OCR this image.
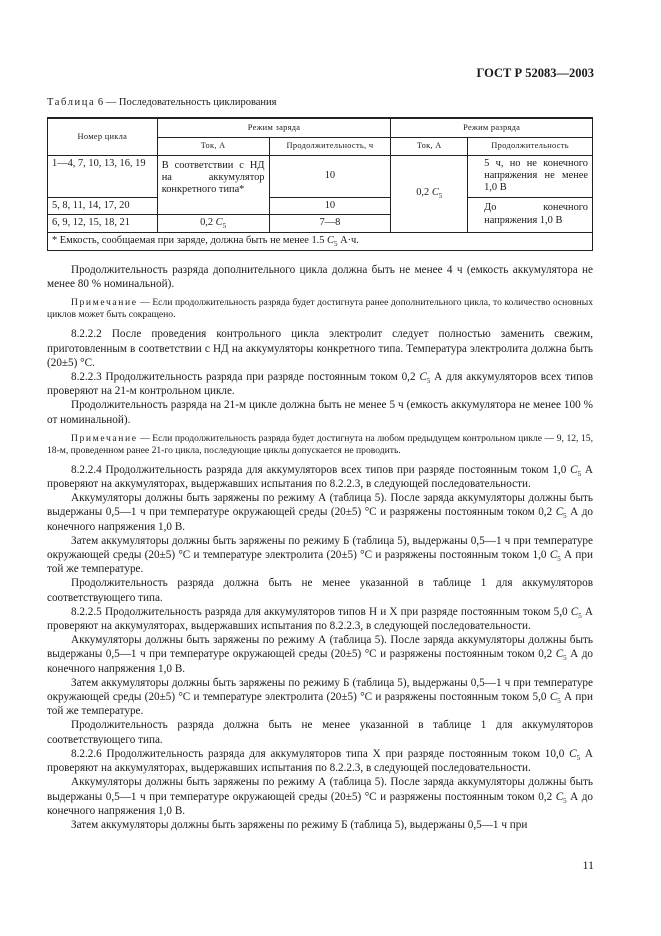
ГОСТ Р 52083—2003
Таблица 6 — Последовательность циклирования
Номер цикла	Режим заряда		Режим разряда	
	Ток, А	Продолжительность, ч	Ток, А	Продолжительность
1—4, 7, 10, 13, 16, 19	В соответствии с НД на аккумулятор конкретного типа*	10	0,2 $C_5$	5 ч, но не конечного напряжения не менее 1,0 В
5, 8, 11, 14, 17, 20		10		До конечного напряжения 1,0 В
6, 9, 12, 15, 18, 21	0,2 $C_5$	7—8		
* Емкость, сообщаемая при заряде, должна быть не менее 1.5 $C_5$ А·ч.				

Продолжительность разряда дополнительного цикла должна быть не менее 4 ч (емкость аккумулятора не менее 80 % номинальной).

Примечание — Если продолжительность разряда будет достигнута ранее дополнительного цикла, то количество основных циклов может быть сокращено.

8.2.2.2 После проведения контрольного цикла электролит следует полностью заменить свежим, приготовленным в соответствии с НД на аккумуляторы конкретного типа. Температура электролита должна быть (20±5) °С.

8.2.2.3 Продолжительность разряда при разряде постоянным током 0,2 $C_5$ А для аккумуляторов всех типов проверяют на 21-м контрольном цикле.

Продолжительность разряда на 21-м цикле должна быть не менее 5 ч (емкость аккумулятора не менее 100 % от номинальной).

Примечание — Если продолжительность разряда будет достигнута на любом предыдущем контрольном цикле — 9, 12, 15, 18-м, проведенном ранее 21-го цикла, последующие циклы допускается не проводить.

8.2.2.4 Продолжительность разряда для аккумуляторов всех типов при разряде постоянным током 1,0 $C_5$ А проверяют на аккумуляторах, выдержавших испытания по 8.2.2.3, в следующей последовательности.

Аккумуляторы должны быть заряжены по режиму А (таблица 5). После заряда аккумуляторы должны быть выдержаны 0,5—1 ч при температуре окружающей среды (20±5) °С и разряжены постоянным током 0,2 $C_5$ А до конечного напряжения 1,0 В.

Затем аккумуляторы должны быть заряжены по режиму Б (таблица 5), выдержаны 0,5—1 ч при температуре окружающей среды (20±5) °С и температуре электролита (20±5) °С и разряжены постоянным током 1,0 $C_5$ А при той же температуре.

Продолжительность разряда должна быть не менее указанной в таблице 1 для аккумуляторов соответствующего типа.

8.2.2.5 Продолжительность разряда для аккумуляторов типов Н и Х при разряде постоянным током 5,0 $C_5$ А проверяют на аккумуляторах, выдержавших испытания по 8.2.2.3, в следующей последовательности.

Аккумуляторы должны быть заряжены по режиму А (таблица 5). После заряда аккумуляторы должны быть выдержаны 0,5—1 ч при температуре окружающей среды (20±5) °С и разряжены постоянным током 0,2 $C_5$ А до конечного напряжения 1,0 В.

Затем аккумуляторы должны быть заряжены по режиму Б (таблица 5), выдержаны 0,5—1 ч при температуре окружающей среды (20±5) °С и температуре электролита (20±5) °С и разряжены постоянным током 5,0 $C_5$ А при той же температуре.

Продолжительность разряда должна быть не менее указанной в таблице 1 для аккумуляторов соответствующего типа.

8.2.2.6 Продолжительность разряда для аккумуляторов типа Х при разряде постоянным током 10,0 $C_5$ А проверяют на аккумуляторах, выдержавших испытания по 8.2.2.3, в следующей последовательности.

Аккумуляторы должны быть заряжены по режиму А (таблица 5). После заряда аккумуляторы должны быть выдержаны 0,5—1 ч при температуре окружающей среды (20±5) °С и разряжены постоянным током 0,2 $C_5$ А до конечного напряжения 1,0 В.

Затем аккумуляторы должны быть заряжены по режиму Б (таблица 5), выдержаны 0,5—1 ч при

11
